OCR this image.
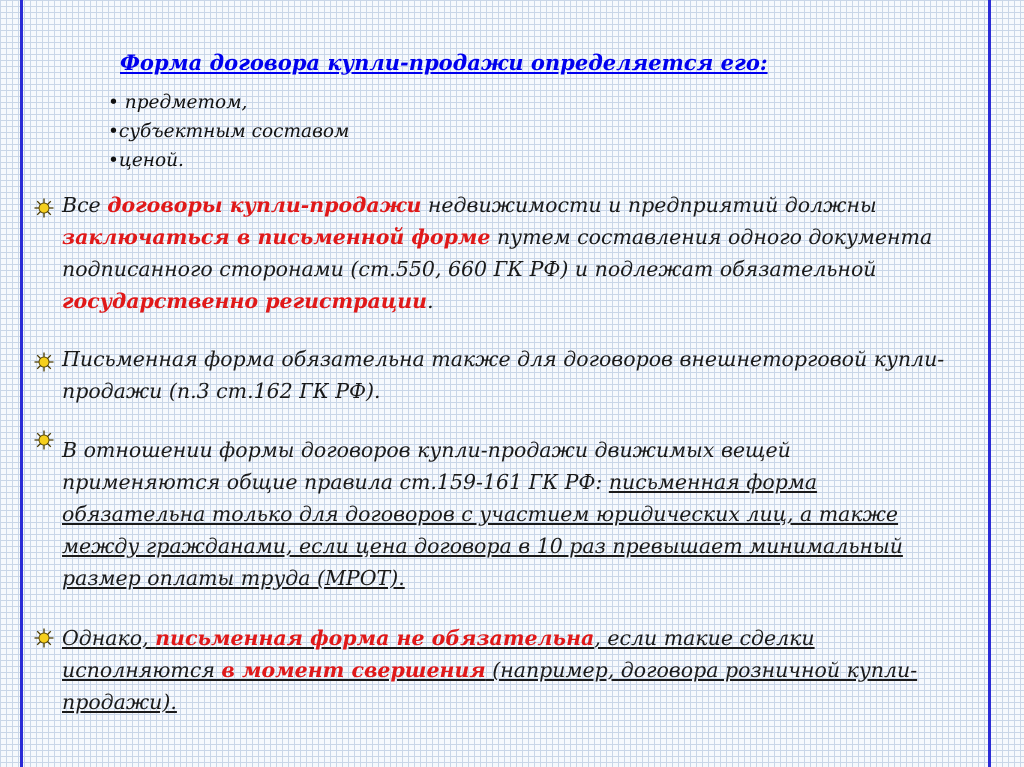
Форма договора купли-продажи определяется его:
• предметом,
•субъектным составом
•ценой.

Все договоры купли-продажи недвижимости и предприятий должны заключаться в письменной форме путем составления одного документа подписанного сторонами (ст.550, 660 ГК РФ) и подлежат обязательной государственно регистрации.

Письменная форма обязательна также для договоров внешнеторговой купли-продажи (п.3 ст.162 ГК РФ).

В отношении формы договоров купли-продажи движимых вещей применяются общие правила ст.159-161 ГК РФ: письменная форма обязательна только для договоров с участием юридических лиц, а также между гражданами, если цена договора в 10 раз превышает минимальный размер оплаты труда (МРОТ).

Однако, письменная форма не обязательна, если такие сделки исполняются в момент свершения (например, договора розничной купли-продажи).
